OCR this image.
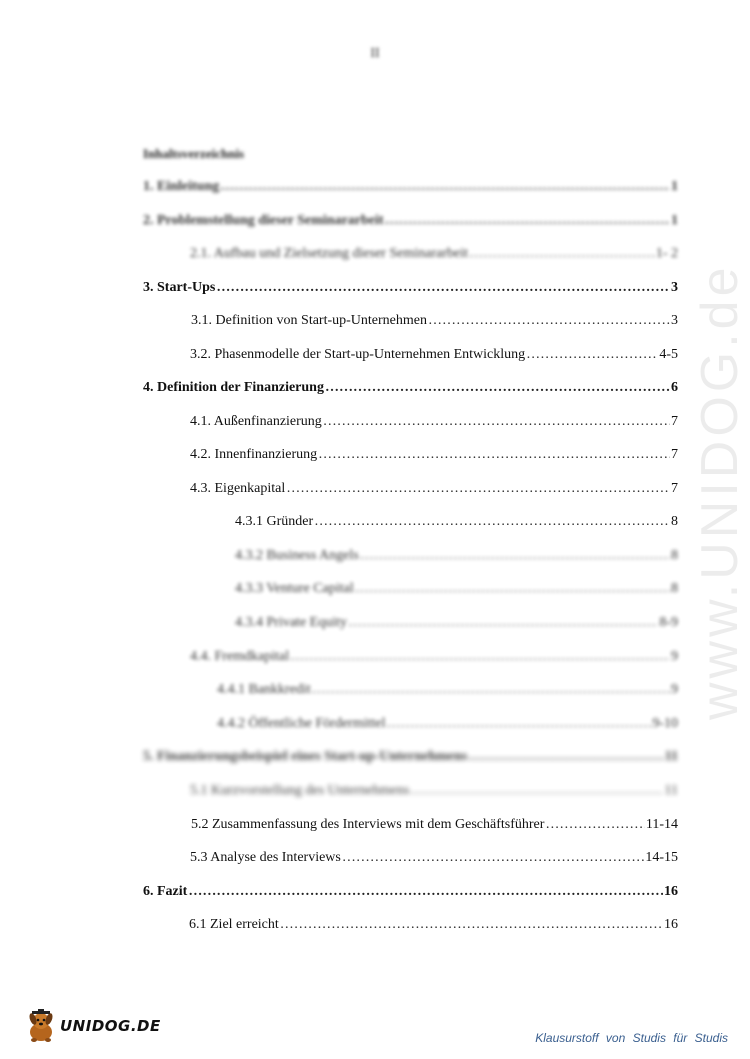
II
Inhaltsverzeichnis
1. Einleitung ………………………………………………………………………………………………………………………………………	1
2. Problemstellung dieser Seminararbeit ………………………………………………………………………………………………………………………………………	1
2.1. Aufbau und Zielsetzung dieser Seminararbeit ………………………………………………………………………………………………………………………………………	1- 2
3. Start-Ups ………………………………………………………………………………………………………………………………………	3
3.1. Definition von Start-up-Unternehmen ………………………………………………………………………………………………………………………………………	3
3.2. Phasenmodelle der Start-up-Unternehmen Entwicklung ………………………………………………………………………………………………………………………………………	4-5
4. Definition der Finanzierung ………………………………………………………………………………………………………………………………………	6
4.1. Außenfinanzierung ………………………………………………………………………………………………………………………………………	7
4.2. Innenfinanzierung ………………………………………………………………………………………………………………………………………	7
4.3. Eigenkapital ………………………………………………………………………………………………………………………………………	7
4.3.1 Gründer ………………………………………………………………………………………………………………………………………	8
4.3.2 Business Angels ………………………………………………………………………………………………………………………………………	8
4.3.3 Venture Capital ………………………………………………………………………………………………………………………………………	8
4.3.4 Private Equity ………………………………………………………………………………………………………………………………………	8-9
4.4. Fremdkapital ………………………………………………………………………………………………………………………………………	9
4.4.1 Bankkredit ………………………………………………………………………………………………………………………………………	9
4.4.2 Öffentliche Fördermittel ………………………………………………………………………………………………………………………………………	9-10
5. Finanzierungsbeispiel eines Start-up-Unternehmens ………………………………………………………………………………………………………………………………………	11
5.1 Kurzvorstellung des Unternehmens ………………………………………………………………………………………………………………………………………	11
5.2 Zusammenfassung des Interviews mit dem Geschäftsführer ………………………………………………………………………………………………………………………………………	11-14
5.3 Analyse des Interviews ………………………………………………………………………………………………………………………………………	14-15
6. Fazit ………………………………………………………………………………………………………………………………………	16
6.1 Ziel erreicht ………………………………………………………………………………………………………………………………………	16
www.UNIDOG.de
UNIDOG.DE
Klausurstoff von Studis für Studis
